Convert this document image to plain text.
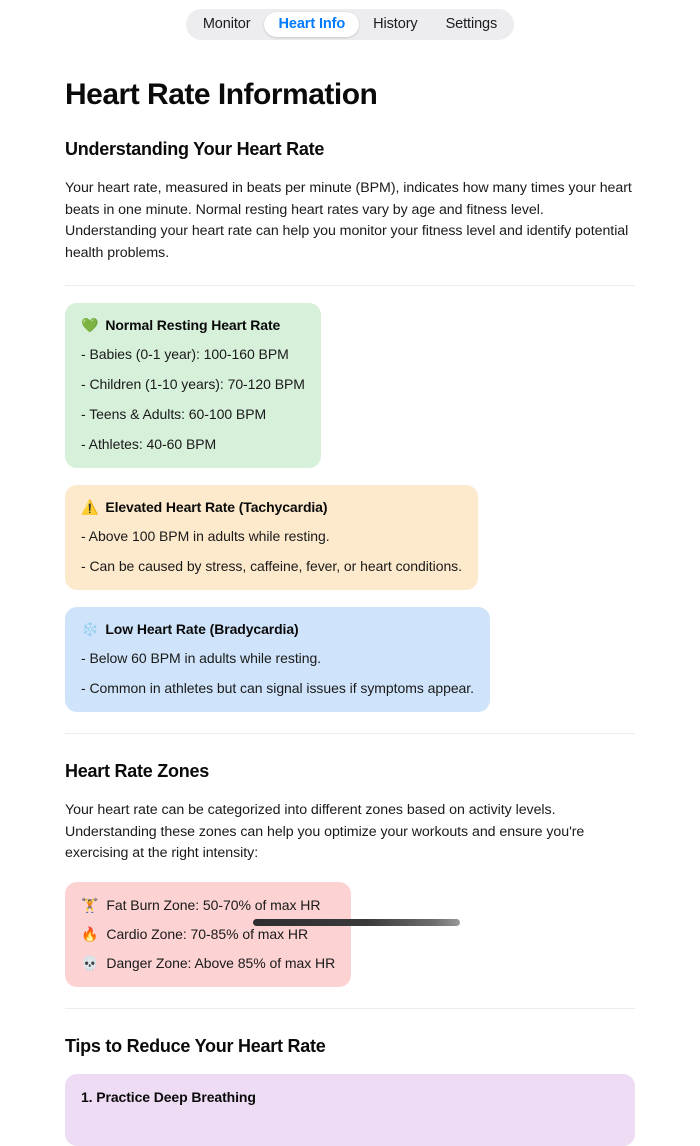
Monitor	Heart Info	History	Settings
Heart Rate Information
Understanding Your Heart Rate

Your heart rate, measured in beats per minute (BPM), indicates how many times your heart beats in one minute. Normal resting heart rates vary by age and fitness level. Understanding your heart rate can help you monitor your fitness level and identify potential health problems.

💚 Normal Resting Heart Rate
- Babies (0-1 year): 100-160 BPM
- Children (1-10 years): 70-120 BPM
- Teens & Adults: 60-100 BPM
- Athletes: 40-60 BPM

⚠️ Elevated Heart Rate (Tachycardia)
- Above 100 BPM in adults while resting.
- Can be caused by stress, caffeine, fever, or heart conditions.

❄️ Low Heart Rate (Bradycardia)
- Below 60 BPM in adults while resting.
- Common in athletes but can signal issues if symptoms appear.
Heart Rate Zones

Your heart rate can be categorized into different zones based on activity levels. Understanding these zones can help you optimize your workouts and ensure you're exercising at the right intensity:

🏋️ Fat Burn Zone: 50-70% of max HR
🔥 Cardio Zone: 70-85% of max HR
💀 Danger Zone: Above 85% of max HR
Tips to Reduce Your Heart Rate
1. Practice Deep Breathing
